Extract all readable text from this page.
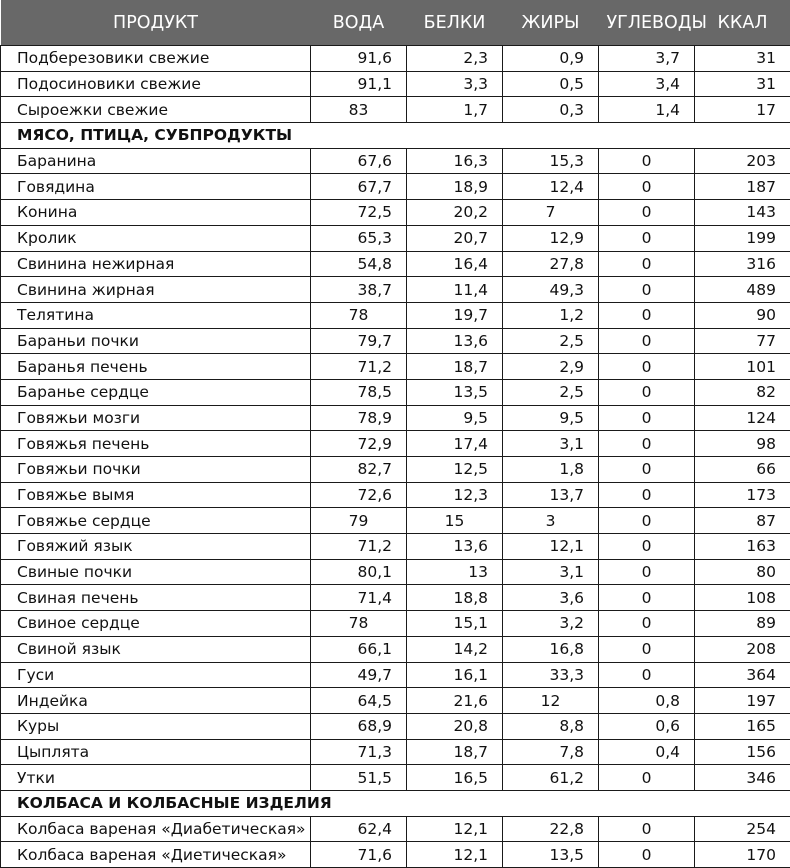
ПРОДУКТ	ВОДА	БЕЛКИ	ЖИРЫ	УГЛЕВОДЫ	ККАЛ
Подберезовики свежие	91,6	2,3	0,9	3,7	31
Подосиновики свежие	91,1	3,3	0,5	3,4	31
Сыроежки свежие	83	1,7	0,3	1,4	17
МЯСО, ПТИЦА, СУБПРОДУКТЫ					
Баранина	67,6	16,3	15,3	0	203
Говядина	67,7	18,9	12,4	0	187
Конина	72,5	20,2	7	0	143
Кролик	65,3	20,7	12,9	0	199
Свинина нежирная	54,8	16,4	27,8	0	316
Свинина жирная	38,7	11,4	49,3	0	489
Телятина	78	19,7	1,2	0	90
Бараньи почки	79,7	13,6	2,5	0	77
Баранья печень	71,2	18,7	2,9	0	101
Баранье сердце	78,5	13,5	2,5	0	82
Говяжьи мозги	78,9	9,5	9,5	0	124
Говяжья печень	72,9	17,4	3,1	0	98
Говяжьи почки	82,7	12,5	1,8	0	66
Говяжье вымя	72,6	12,3	13,7	0	173
Говяжье сердце	79	15	3	0	87
Говяжий язык	71,2	13,6	12,1	0	163
Свиные почки	80,1	13	3,1	0	80
Свиная печень	71,4	18,8	3,6	0	108
Свиное сердце	78	15,1	3,2	0	89
Свиной язык	66,1	14,2	16,8	0	208
Гуси	49,7	16,1	33,3	0	364
Индейка	64,5	21,6	12	0,8	197
Куры	68,9	20,8	8,8	0,6	165
Цыплята	71,3	18,7	7,8	0,4	156
Утки	51,5	16,5	61,2	0	346
КОЛБАСА И КОЛБАСНЫЕ ИЗДЕЛИЯ					
Колбаса вареная «Диабетическая»	62,4	12,1	22,8	0	254
Колбаса вареная «Диетическая»	71,6	12,1	13,5	0	170
